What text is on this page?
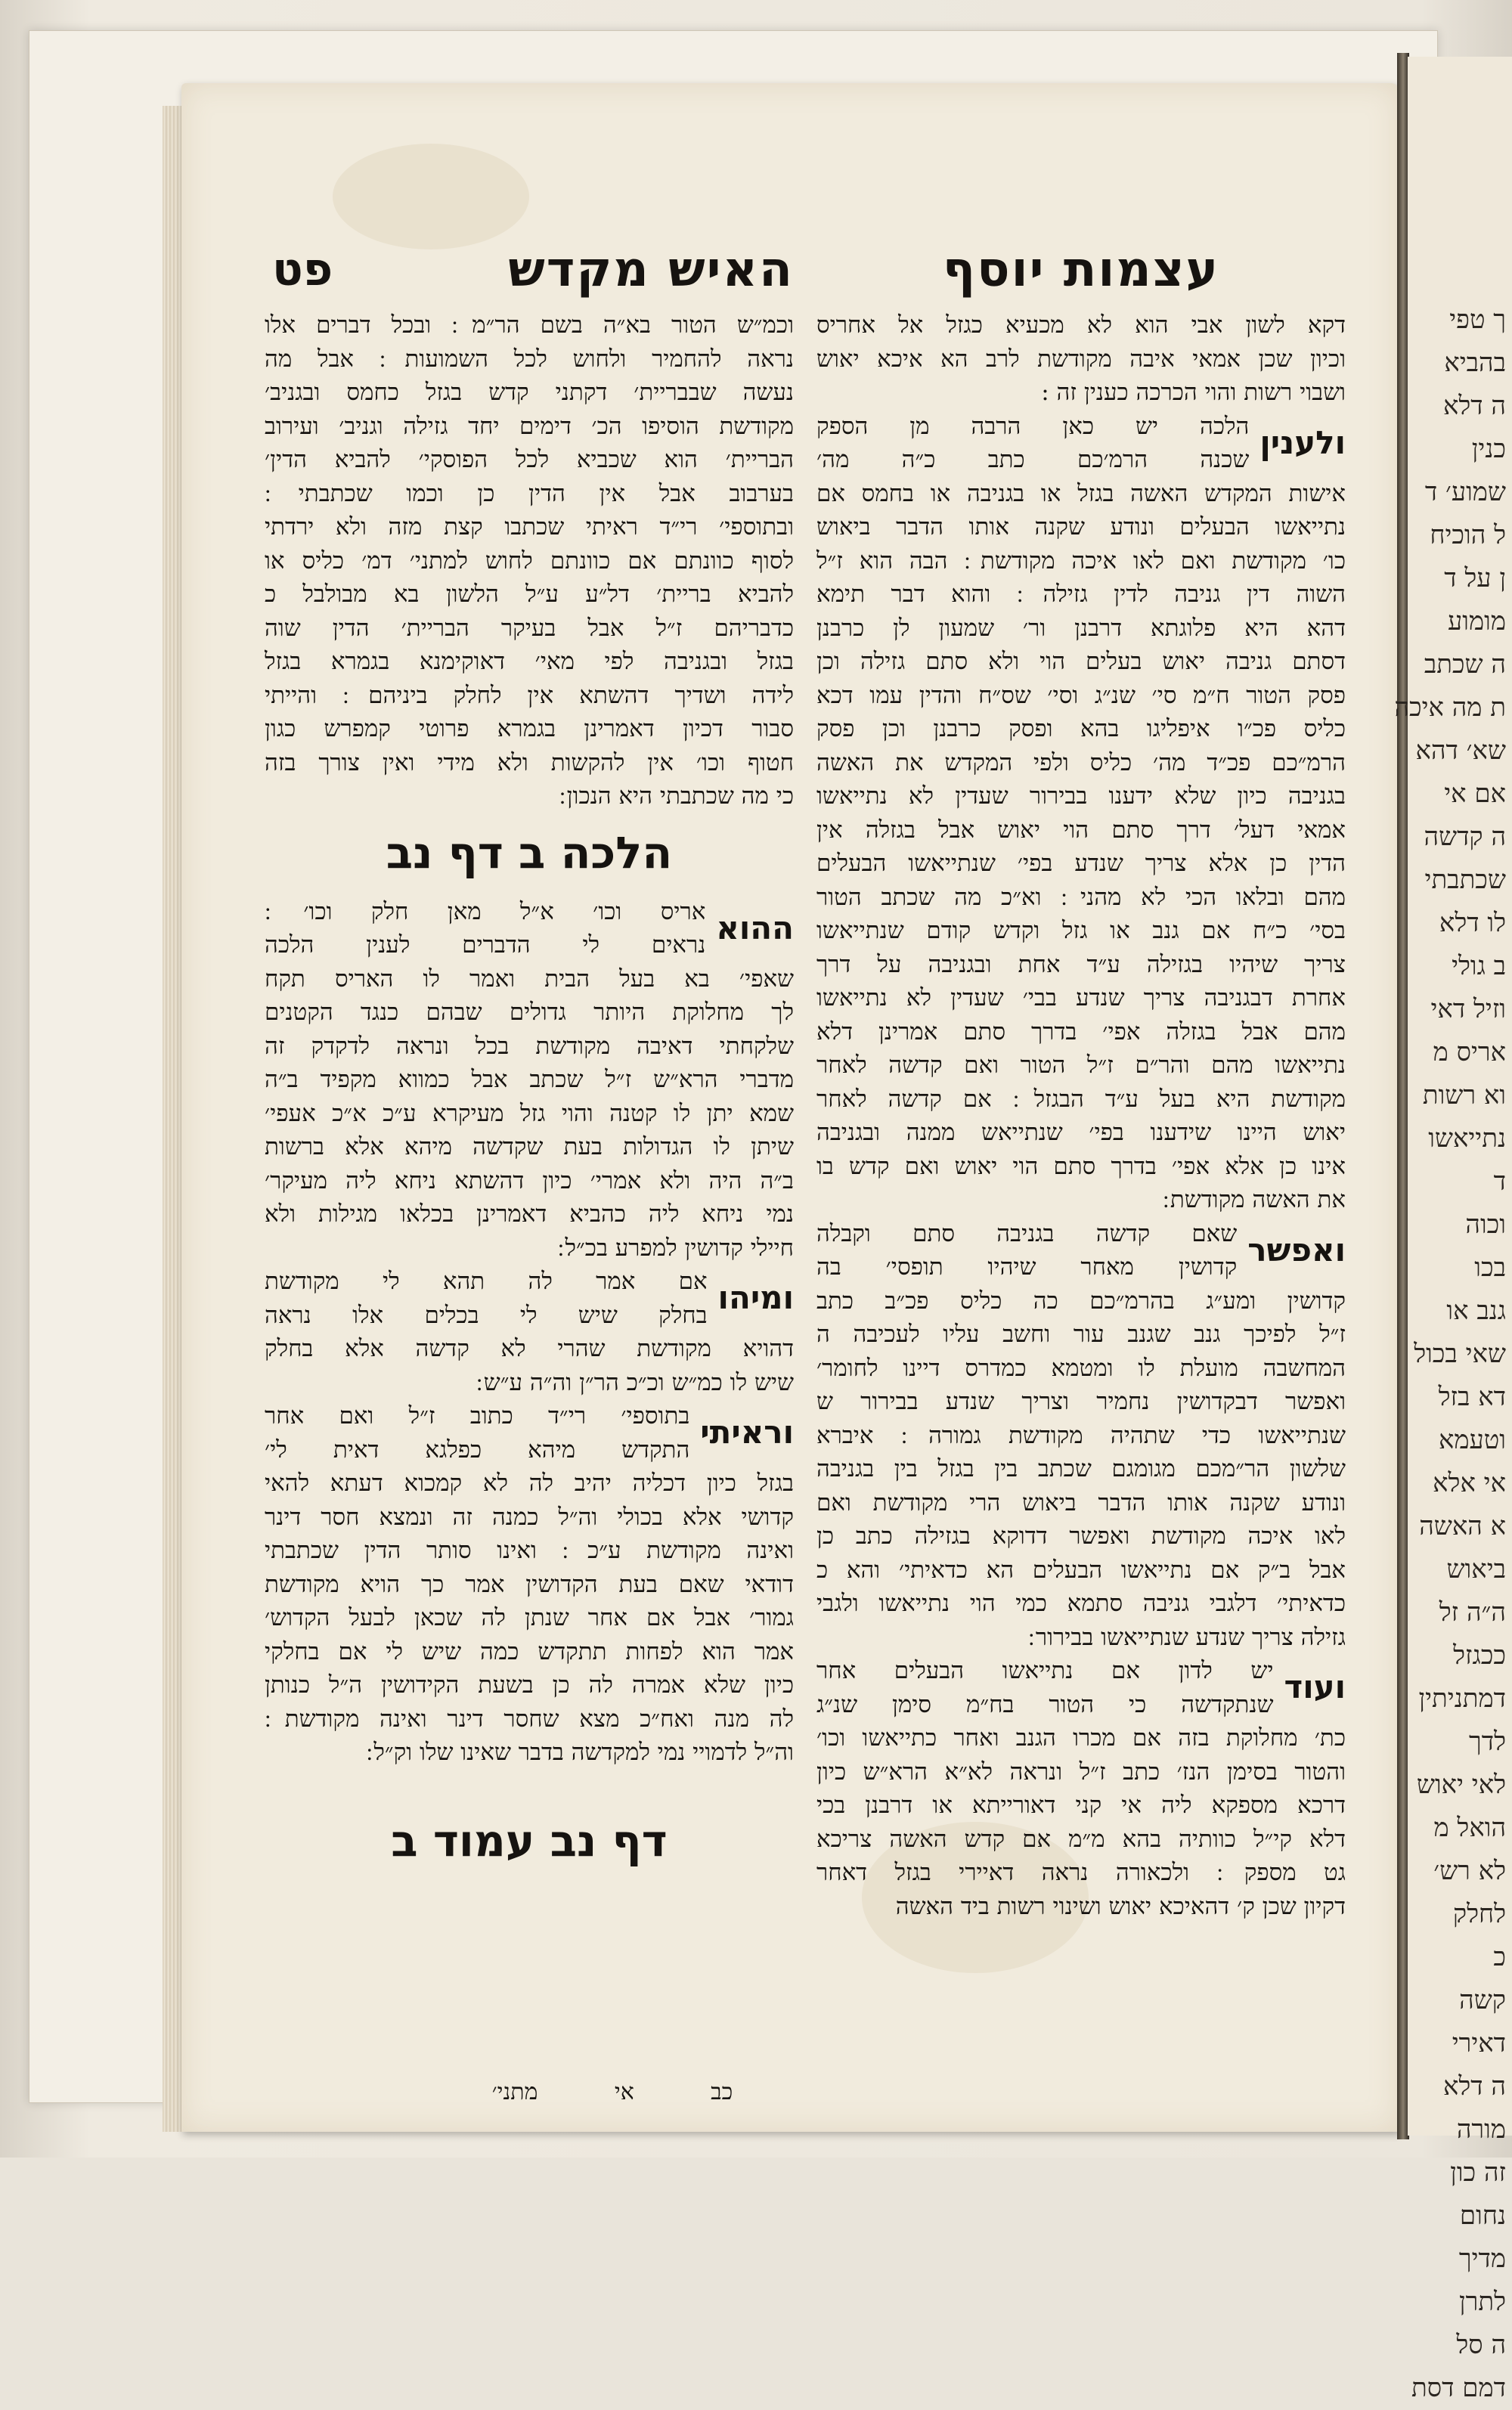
עצמות יוסף
דקא לשון אבי הוא לא מכעיא כגזל אל אחריס
וכיון שכן אמאי איבה מקודשת לרב הא איכא יאוש
ושבוי רשות והוי הכרכה כענין זה :
ולענין
הלכה יש כאן הרבה מן הספק
שכנה הרמ׳כם כתב כ״ה מה׳
אישות המקדש האשה בגזל או בגניבה או בחמס אם
נתייאשו הבעלים ונודע שקנה אותו הדבר ביאוש
כו׳ מקודשת ואם לאו איכה מקודשת ׃ הבה הוא ז״ל
השוה דין גניבה לדין גזילה ׃ והוא דבר תימא
דהא היא פלוגתא דרבנן ור׳ שמעון לן כרבנן
דסתם גניבה יאוש בעלים הוי ולא סתם גזילה וכן
פסק הטור ח״מ סי׳ שנ״ג וסי׳ שס״ח והדין עמו דכא
כליס פכ״ו איפליגו בהא ופסק כרבנן וכן פסק
הרמ״כם פכ״ד מה׳ כליס ולפי המקדש את האשה
בגניבה כיון שלא ידענו בבירור שעדין לא נתייאשו
אמאי דעל׳ דרך סתם הוי יאוש אבל בגזלה אין
הדין כן אלא צריך שנדע בפי׳ שנתייאשו הבעלים
מהם ובלאו הכי לא מהני ׃ וא״כ מה שכתב הטור
בסי׳ כ״ח אם גנב או גזל וקדש קודם שנתייאשו
צריך שיהיו בגזילה ע״ד אחת ובגניבה על דרך
אחרת דבגניבה צריך שנדע בבי׳ שעדין לא נתייאשו
מהם אבל בגזלה אפי׳ בדרך סתם אמרינן דלא
נתייאשו מהם והר״ם ז״ל הטור ואם קדשה לאחר
מקודשת היא בעל ע״ד הבגזל ׃ אם קדשה לאחר
יאוש היינו שידענו בפי׳ שנתייאש ממנה ובגניבה
אינו כן אלא אפי׳ בדרך סתם הוי יאוש ואם קדש בו
את האשה מקודשת ׃
ואפשר
שאם קדשה בגניבה סתם וקבלה
קדושין מאחר שיהיו תופסי׳ בה
קדושין ומע״ג בהרמ״כם כה כליס פכ״ב כתב
ז״ל לפיכך גנב שגנב עור וחשב עליו לעכיבה ה
המחשבה מועלת לו ומטמא כמדרס דיינו לחומר׳
ואפשר דבקדושין נחמיר וצריך שנדע בבירור ש
שנתייאשו כדי שתהיה מקודשת גמורה ׃ איברא
שלשון הר״מכם מגומגם שכתב בין בגזל בין בגניבה
ונודע שקנה אותו הדבר ביאוש הרי מקודשת ואם
לאו איכה מקודשת ואפשר דדוקא בגזילה כתב כן
אבל ב״ק אם נתייאשו הבעלים הא כדאיתי׳ והא כ
כדאיתי׳ דלגבי גניבה סתמא כמי הוי נתייאשו ולגבי
גזילה צריך שנדע שנתייאשו בבירור ׃
ועוד
יש לדון אם נתייאשו הבעלים אחר
שנתקדשה כי הטור בח״מ סימן שנ״ג
כת׳ מחלוקת בזה אם מכרו הגנב ואחר כתייאשו וכו׳
והטור בסימן הנז׳ כתב ז״ל ונראה לא״א הרא״ש כיון
דרכא מספקא ליה אי קני דאורייתא או דרבנן בכי
דלא קי״ל כוותיה בהא מ״מ אם קדש האשה צריכא
גט מספק ׃ ולכאורה נראה דאיירי בגזל דאחר
דקיון שכן ק׳ דהאיכא יאוש ושינוי רשות ביד האשה
האיש מקדש
פט
וכמ״ש הטור בא״ה בשם הר״מ ׃ ובכל דברים אלו
נראה להחמיר ולחוש לכל השמועות ׃ אבל מה
נעשה שבבריית׳ דקתני קדש בגזל כחמס ובגניב׳
מקודשת הוסיפו הכ׳ דימים יחד גזילה וגניב׳ ועירוב
הבריית׳ הוא שכביא לכל הפוסקי׳ להביא הדין׳
בערבוב אבל אין הדין כן וכמו שכתבתי ׃
ובתוספי׳ רי״ד ראיתי שכתבו קצת מזה ולא ירדתי
לסוף כוונתם אם כוונתם לחוש למתני׳ דמ׳ כליס או
להביא בריית׳ דל״ע ע״ל הלשון בא מבולבל כ
כדבריהם ז״ל אבל בעיקר הבריית׳ הדין שוה
בגזל ובגניבה לפי מאי׳ דאוקימנא בגמרא בגזל
לידה ושדיך דהשתא אין לחלק ביניהם ׃ והייתי
סבור דכיון דאמרינן בגמרא פרוטי קמפרש כגון
חטוף וכו׳ אין להקשות ולא מידי ואין צורך בזה
כי מה שכתבתי היא הנכון ׃
הלכה ב דף נב
ההוא
אריס וכו׳ א״ל מאן חלק וכו׳ ׃
נראים לי הדברים לענין הלכה
שאפי׳ בא בעל הבית ואמר לו האריס תקח
לך מחלוקת היותר גדולים שבהם כנגד הקטנים
שלקחתי דאיבה מקודשת בכל ונראה לדקדק זה
מדברי הרא״ש ז״ל שכתב אבל כמווא מקפיד ב״ה
שמא יתן לו קטנה והוי גזל מעיקרא ע״כ א״כ אעפי׳
שיתן לו הגדולות בעת שקדשה מיהא אלא ברשות
ב״ה היה ולא אמרי׳ כיון דהשתא ניחא ליה מעיקר׳
נמי ניחא ליה כהביא דאמרינן בכלאו מגילות ולא
חיילי קדושין למפרע בכ״ל ׃
ומיהו
אם אמר לה תהא לי מקודשת
בחלק שיש לי בכלים אלו נראה
דהויא מקודשת שהרי לא קדשה אלא בחלק
שיש לו כמ״ש וכ״כ הר״ן וה״ה ע״ש ׃
וראיתי
בתוספי׳ רי״ד כתוב ז״ל ואם אחר
התקדש מיהא כפלגא דאית לי׳
בגזל כיון דכליה יהיב לה לא קמכוא דעתא להאי
קדושי אלא בכולי וה״ל כמנה זה ונמצא חסר דינר
ואינה מקודשת ע״כ ׃ ואינו סותר הדין שכתבתי
דודאי שאם בעת הקדושין אמר כך הויא מקודשת
גמור׳ אבל אם אחר שנתן לה שכאן לבעל הקדוש׳
אמר הוא לפחות תתקדש כמה שיש לי אם בחלקי
כיון שלא אמרה לה כן בשעת הקידושין ה״ל כנותן
לה מנה ואח״כ מצא שחסר דינר ואינה מקודשת ׃
וה״ל לדמויי נמי למקדשה בדבר שאינו שלו וק״ל ׃
דף נב עמוד ב
כב
אי
מתני׳
ך טפי
בהביא
ה דלא
כנין
שמוע׳ ד
ל הוכיח
ן על ד
מומוע
ה שכתב
ת מה איכה
שא׳ דהא
אם אי
ה קדשה
שכתבתי
לו דלא
ב גולי
וזיל דאי
אריס מ
וא רשות
נתייאשו
ד
וכוה
בכו
גנב או
שאי בכול
דא בזל
וטעמא
אי אלא
א האשה
ביאוש
ה״ה זל
ככגזל
דמתניתין
לדך
לאי יאוש
הואל מ
לא רש׳
לחלק
כ
קשה
דאירי
ה דלא
מורה
זה כון
נחום
מדיך
לתרן
ה סל
דמם דסת
